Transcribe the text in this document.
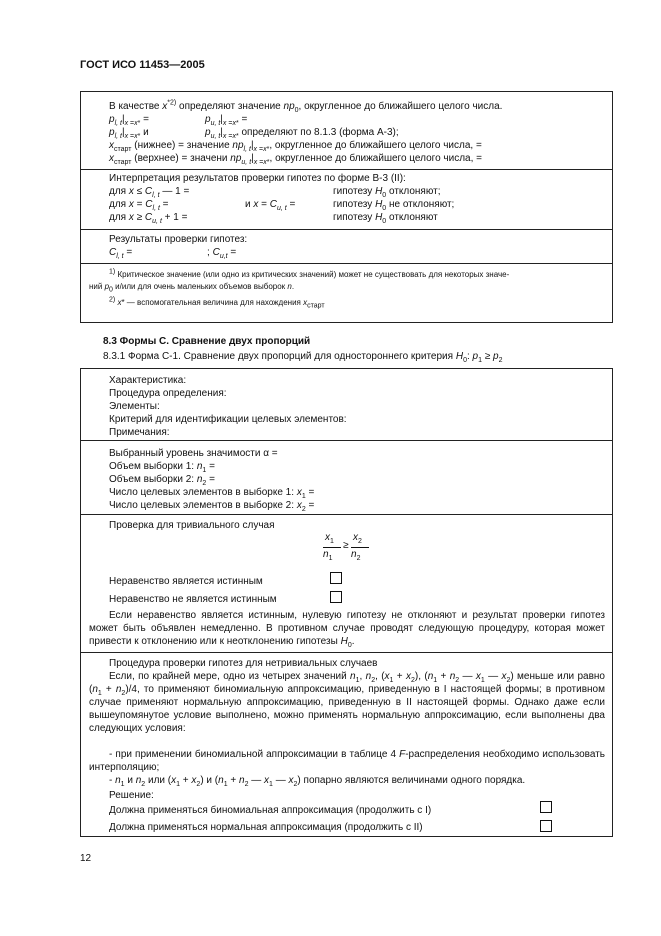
ГОСТ ИСО 11453—2005
В качестве $x^{*2)}$ определяют значение $np_0$, округленное до ближайшего целого числа.
$p_{l, t}|_{x =x*}$ =	$p_{u, t}|_{x =x*}$ =
$p_{l, t}|_{x =x*}$ и	$p_{u, t}|_{x =x*}$ определяют по 8.1.3 (форма А-3);
$x_{старт}$ (нижнее) = значение $np_{l, t}|_{x =x*}$, округленное до ближайшего целого числа, =
$x_{старт}$ (верхнее) = значени $np_{u, t}|_{x =x*}$, округленное до ближайшего целого числа, =
Интерпретация результатов проверки гипотез по форме В-3 (II):
для $x \le C_{l, t}$ — 1 =	гипотезу $H_0$ отклоняют;
для $x = C_{l, t}$ =	и $x = C_{u, t}$ =	гипотезу $H_0$ не отклоняют;
для $x \ge C_{u, t} + 1$ =	гипотезу $H_0$ отклоняют
Результаты проверки гипотез:
$C_{l, t}$ =	; $C_{u,t}$ =
$^{1)}$ Критическое значение (или одно из критических значений) может не существовать для некоторых значе-
ний $p_0$ и/или для очень маленьких объемов выборок n.
$^{2)}$ x* — вспомогательная величина для нахождения $x_{старт}$
8.3 Формы С. Сравнение двух пропорций
8.3.1 Форма С-1. Сравнение двух пропорций для одностороннего критерия $H_0$: $p_1 \ge p_2$
Характеристика:
Процедура определения:
Элементы:
Критерий для идентификации целевых элементов:
Примечания:
Выбранный уровень значимости α =
Объем выборки 1: $n_1$ =
Объем выборки 2: $n_2$ =
Число целевых элементов в выборке 1: $x_1$ =
Число целевых элементов в выборке 2: $x_2$ =
Проверка для тривиального случая
$x_1$
$n_1$
≥
$x_2$
$n_2$
Неравенство является истинным
Неравенство не является истинным
Если неравенство является истинным, нулевую гипотезу не отклоняют и результат проверки гипотез может быть объявлен немедленно. В противном случае проводят следующую процедуру, которая может привести к отклонению или к неотклонению гипотезы $H_0$.
Процедура проверки гипотез для нетривиальных случаев
Если, по крайней мере, одно из четырех значений $n_1$, $n_2$, $(x_1 + x_2)$, ($n_1 + n_2$ — $x_1$ — $x_2$) меньше или равно $(n_1 + n_2)/4$, то применяют биномиальную аппроксимацию, приведенную в I настоящей формы; в противном случае применяют нормальную аппроксимацию, приведенную в II настоящей формы. Однако даже если вышеупомянутое условие выполнено, можно применять нормальную аппроксимацию, если выполнены два следующих условия:
- при применении биномиальной аппроксимации в таблице 4 F-распределения необходимо использовать интерполяцию;
- $n_1$ и $n_2$ или $(x_1 + x_2)$ и ($n_1 + n_2$ — $x_1$ — $x_2$) попарно являются величинами одного порядка.
Решение:
Должна применяться биномиальная аппроксимация (продолжить с I)
Должна применяться нормальная аппроксимация (продолжить с II)
12
